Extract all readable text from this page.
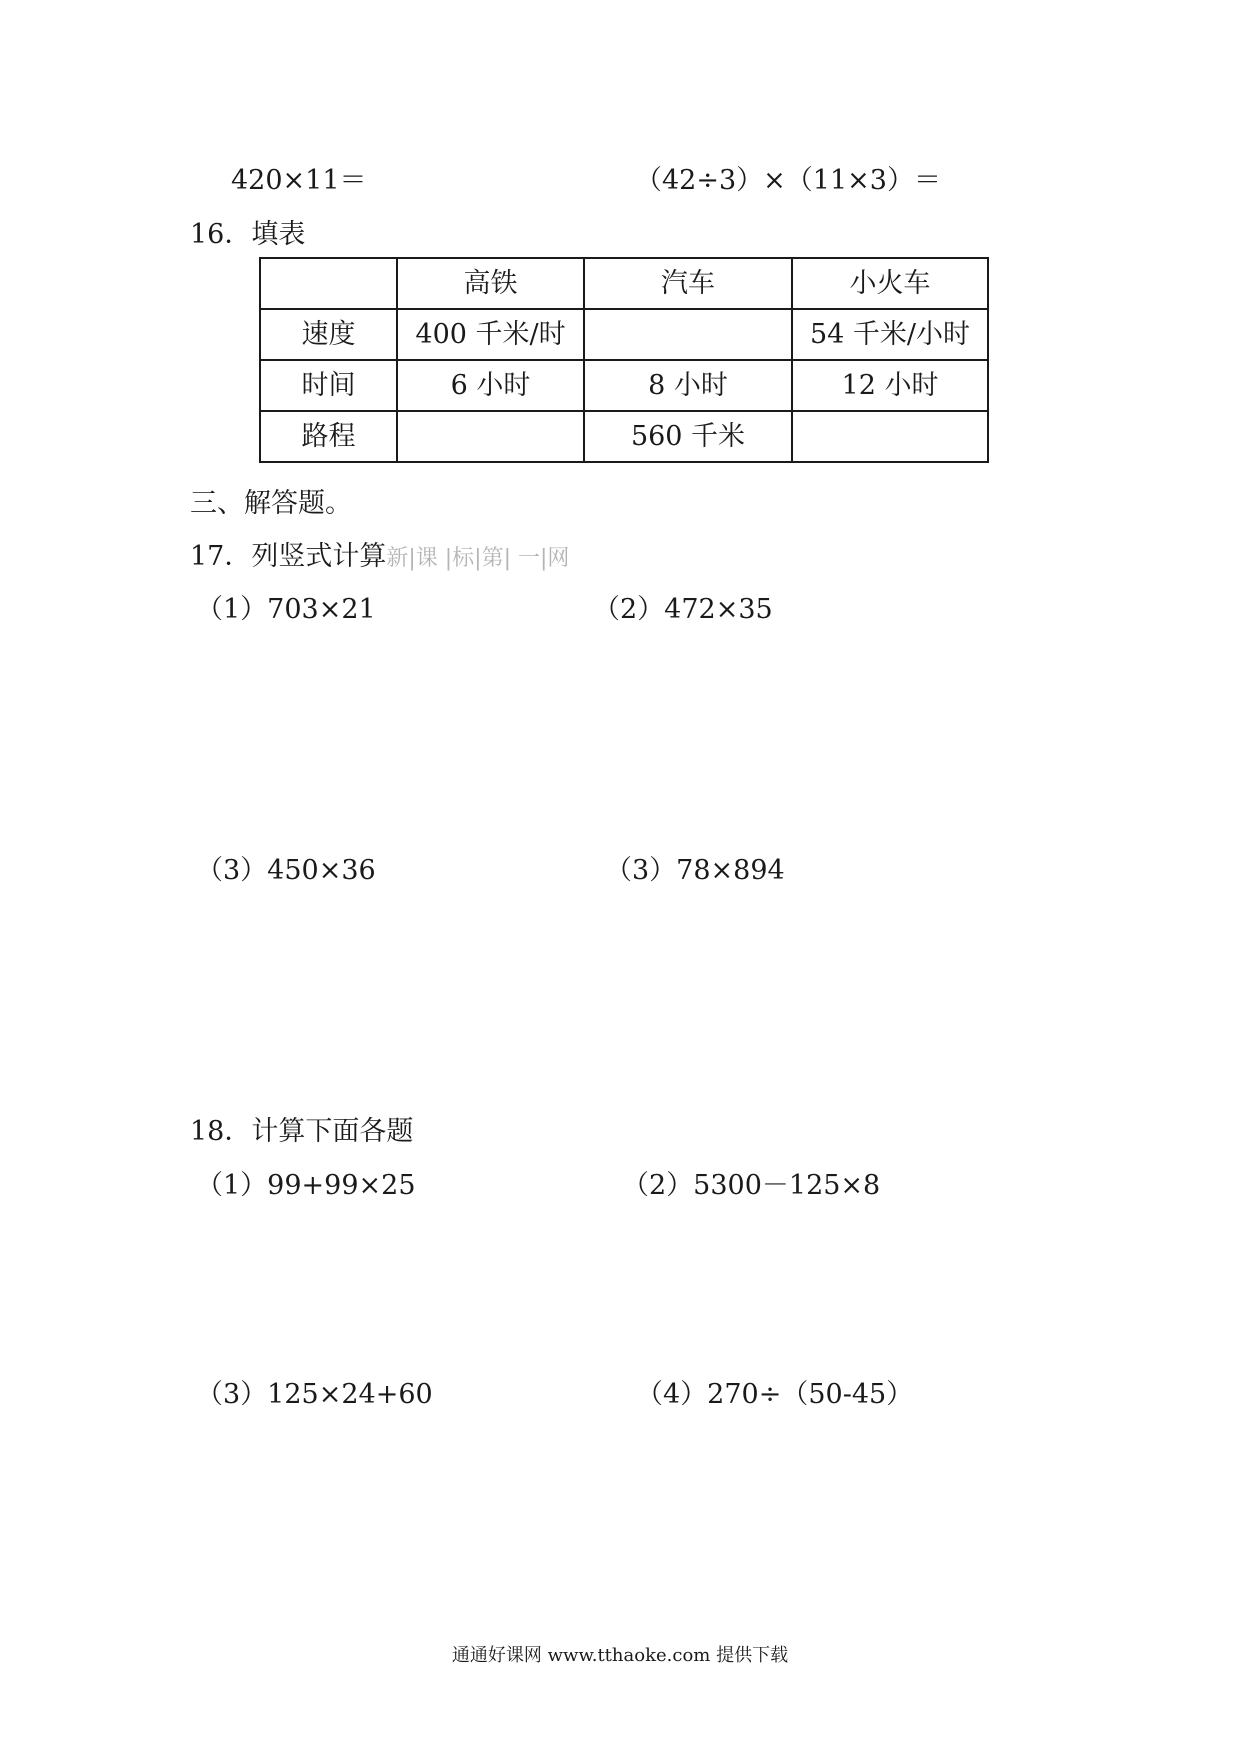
420×11＝	（42÷3）×（11×3）＝
16．填表
	高铁	汽车	小火车
速度	400 千米/时		54 千米/小时
时间	6 小时	8 小时	12 小时
路程		560 千米	
三、解答题。
17．列竖式计算新|课 |标|第| 一|网
（1）703×21	（2）472×35
（3）450×36	（3）78×894
18．计算下面各题
（1）99+99×25	（2）5300－125×8
（3）125×24+60	（4）270÷（50-45）
通通好课网 www.tthaoke.com 提供下载
